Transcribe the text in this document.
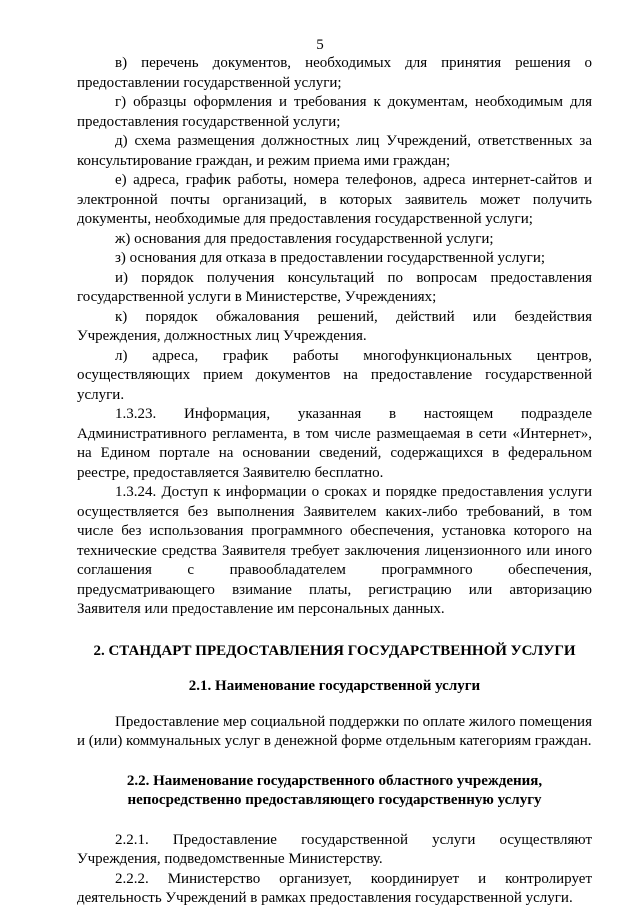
5

в) перечень документов, необходимых для принятия решения о предоставлении государственной услуги;

г) образцы оформления и требования к документам, необходимым для предоставления государственной услуги;

д) схема размещения должностных лиц Учреждений, ответственных за консультирование граждан, и режим приема ими граждан;

е) адреса, график работы, номера телефонов, адреса интернет-сайтов и электронной почты организаций, в которых заявитель может получить документы, необходимые для предоставления государственной услуги;

ж) основания для предоставления государственной услуги;

з) основания для отказа в предоставлении государственной услуги;

и) порядок получения консультаций по вопросам предоставления государственной услуги в Министерстве, Учреждениях;

к) порядок обжалования решений, действий или бездействия Учреждения, должностных лиц Учреждения.

л) адреса, график работы многофункциональных центров, осуществляющих прием документов на предоставление государственной услуги.

1.3.23. Информация, указанная в настоящем подразделе Административного регламента, в том числе размещаемая в сети «Интернет», на Едином портале на основании сведений, содержащихся в федеральном реестре, предоставляется Заявителю бесплатно.

1.3.24. Доступ к информации о сроках и порядке предоставления услуги осуществляется без выполнения Заявителем каких-либо требований, в том числе без использования программного обеспечения, установка которого на технические средства Заявителя требует заключения лицензионного или иного соглашения с правообладателем программного обеспечения, предусматривающего взимание платы, регистрацию или авторизацию Заявителя или предоставление им персональных данных.

2. СТАНДАРТ ПРЕДОСТАВЛЕНИЯ ГОСУДАРСТВЕННОЙ УСЛУГИ
2.1. Наименование государственной услуги

Предоставление мер социальной поддержки по оплате жилого помещения и (или) коммунальных услуг в денежной форме отдельным категориям граждан.

2.2. Наименование государственного областного учреждения,
непосредственно предоставляющего государственную услугу

2.2.1. Предоставление государственной услуги осуществляют Учреждения, подведомственные Министерству.

2.2.2. Министерство организует, координирует и контролирует деятельность Учреждений в рамках предоставления государственной услуги.
